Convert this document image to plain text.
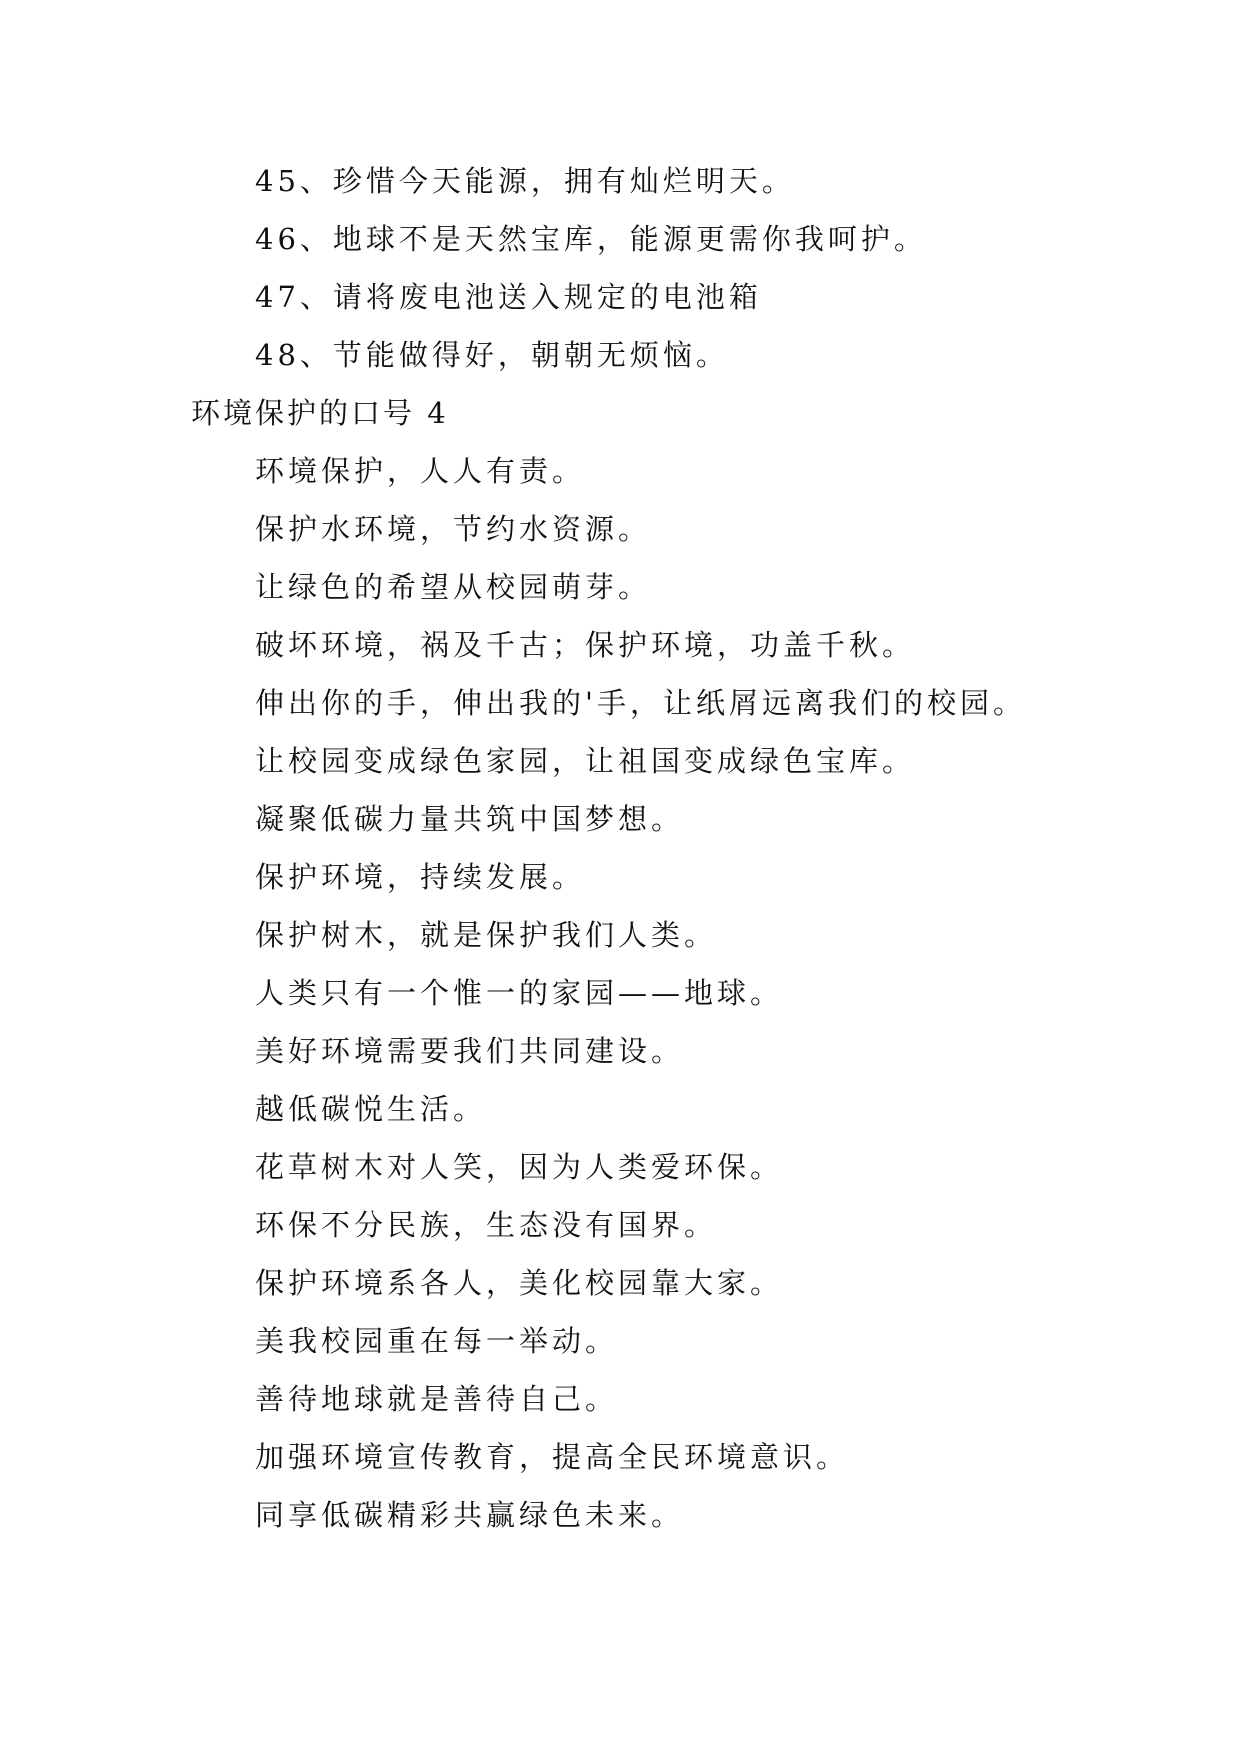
45、珍惜今天能源，拥有灿烂明天。
46、地球不是天然宝库，能源更需你我呵护。
47、请将废电池送入规定的电池箱
48、节能做得好，朝朝无烦恼。
环境保护的口号 4
环境保护，人人有责。
保护水环境，节约水资源。
让绿色的希望从校园萌芽。
破坏环境，祸及千古；保护环境，功盖千秋。
伸出你的手，伸出我的'手，让纸屑远离我们的校园。
让校园变成绿色家园，让祖国变成绿色宝库。
凝聚低碳力量共筑中国梦想。
保护环境，持续发展。
保护树木，就是保护我们人类。
人类只有一个惟一的家园——地球。
美好环境需要我们共同建设。
越低碳悦生活。
花草树木对人笑，因为人类爱环保。
环保不分民族，生态没有国界。
保护环境系各人，美化校园靠大家。
美我校园重在每一举动。
善待地球就是善待自己。
加强环境宣传教育，提高全民环境意识。
同享低碳精彩共赢绿色未来。
